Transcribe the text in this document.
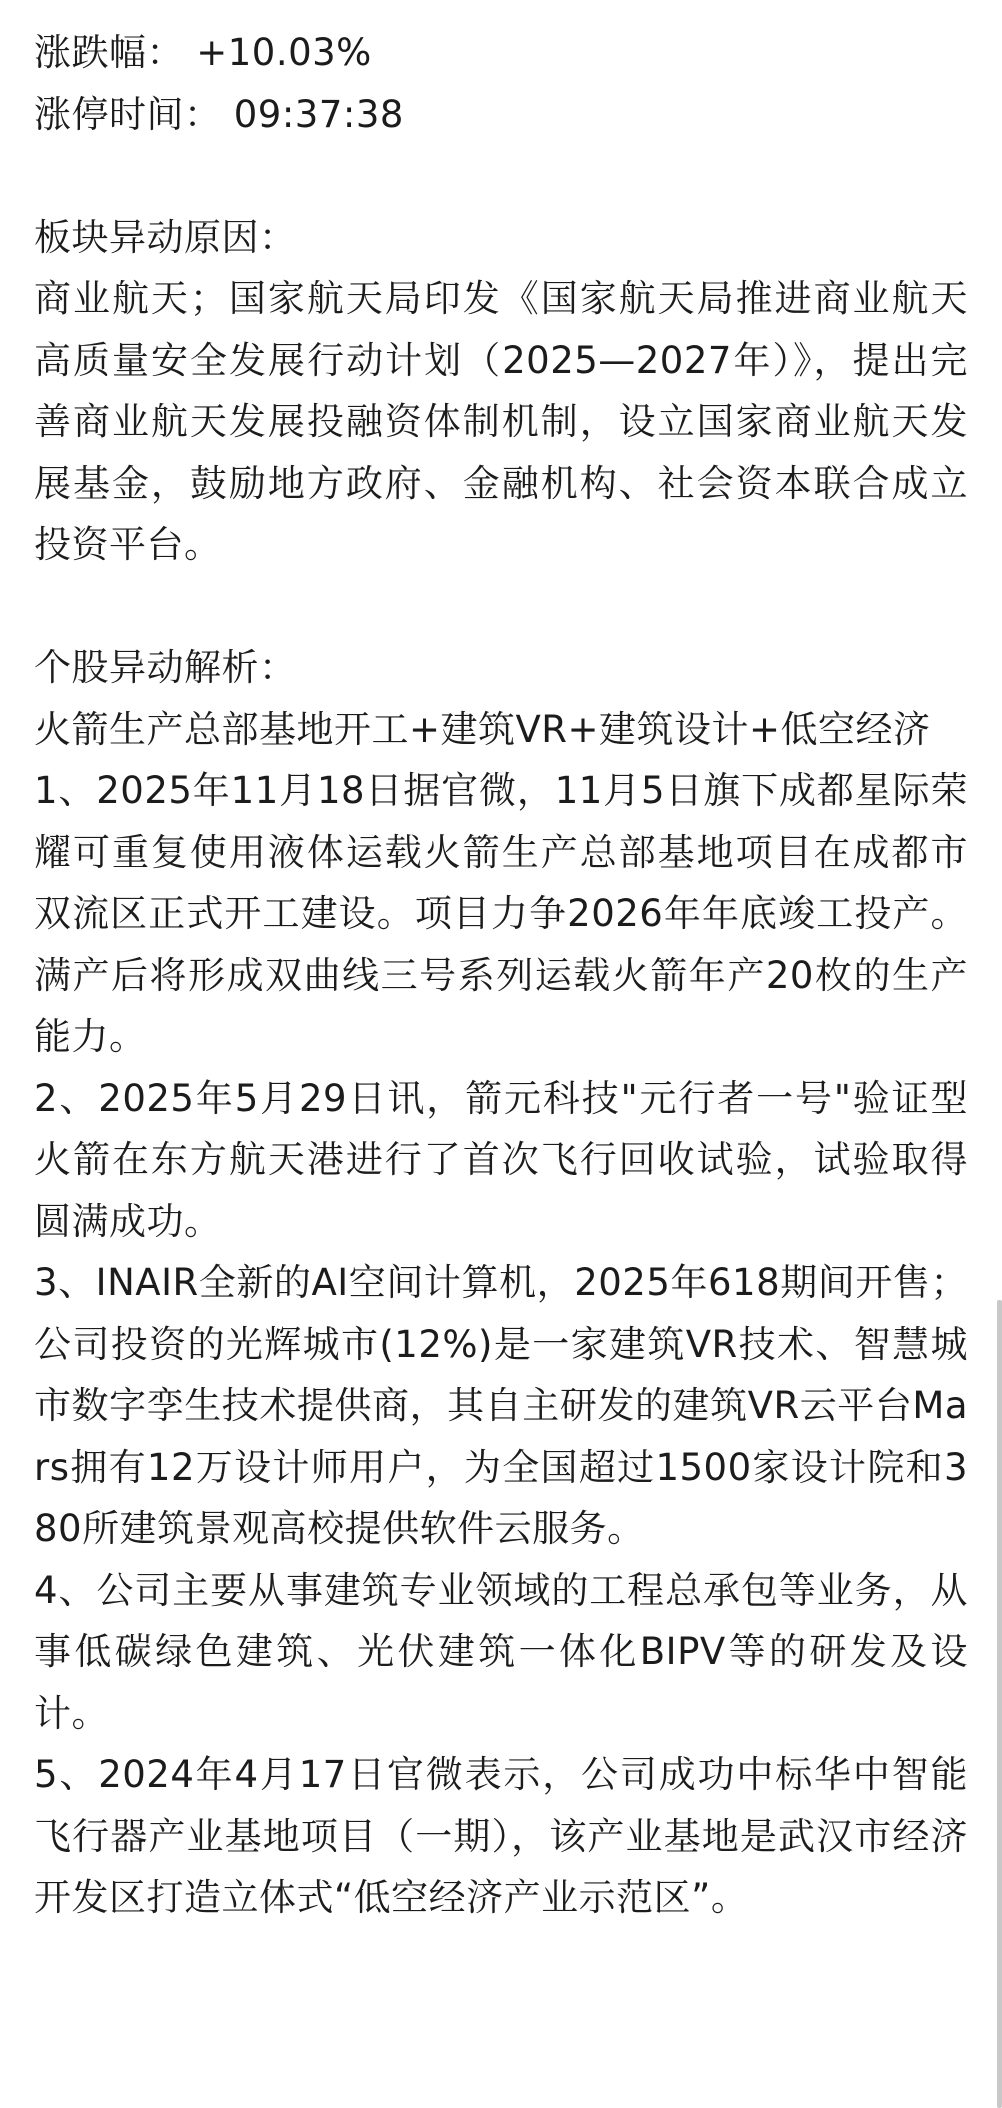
涨跌幅： +10.03%
涨停时间： 09:37:38
板块异动原因：
商业航天；国家航天局印发《国家航天局推进商业航天高质量安全发展行动计划（2025—2027年）》，提出完善商业航天发展投融资体制机制，设立国家商业航天发展基金，鼓励地方政府、金融机构、社会资本联合成立投资平台。
个股异动解析：
火箭生产总部基地开工+建筑VR+建筑设计+低空经济
1、2025年11月18日据官微，11月5日旗下成都星际荣耀可重复使用液体运载火箭生产总部基地项目在成都市双流区正式开工建设。项目力争2026年年底竣工投产。满产后将形成双曲线三号系列运载火箭年产20枚的生产能力。
2、2025年5月29日讯，箭元科技"元行者一号"验证型火箭在东方航天港进行了首次飞行回收试验，试验取得圆满成功。
3、INAIR全新的AI空间计算机，2025年618期间开售；公司投资的光辉城市(12%)是一家建筑VR技术、智慧城市数字孪生技术提供商，其自主研发的建筑VR云平台Mars拥有12万设计师用户，为全国超过1500家设计院和380所建筑景观高校提供软件云服务。
4、公司主要从事建筑专业领域的工程总承包等业务，从事低碳绿色建筑、光伏建筑一体化BIPV等的研发及设计。
5、2024年4月17日官微表示，公司成功中标华中智能飞行器产业基地项目（一期），该产业基地是武汉市经济开发区打造立体式“低空经济产业示范区”。
